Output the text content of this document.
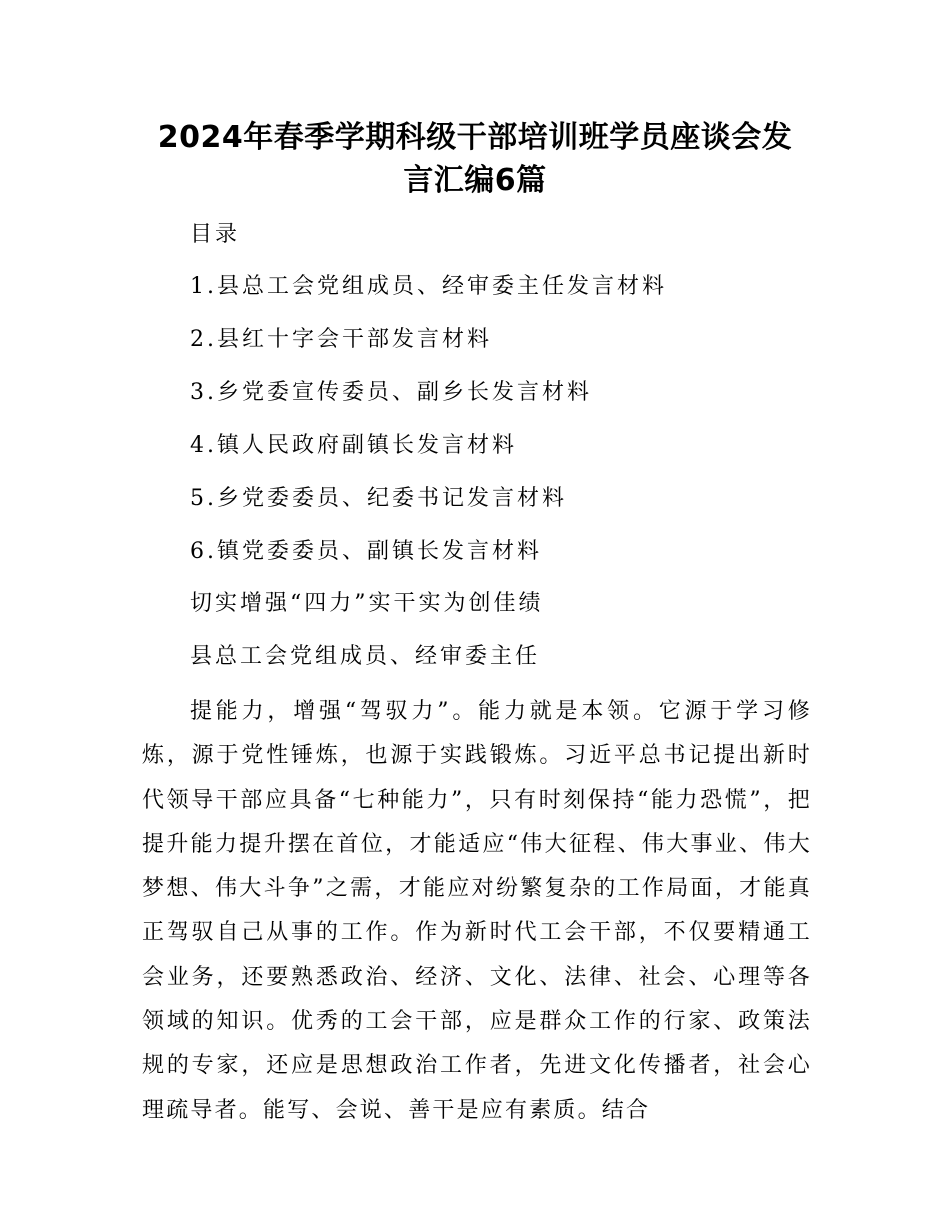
2024年春季学期科级干部培训班学员座谈会发
言汇编6篇
目录
1.县总工会党组成员、经审委主任发言材料
2.县红十字会干部发言材料
3.乡党委宣传委员、副乡长发言材料
4.镇人民政府副镇长发言材料
5.乡党委委员、纪委书记发言材料
6.镇党委委员、副镇长发言材料
切实增强“四力”实干实为创佳绩
县总工会党组成员、经审委主任

提能力，增强“驾驭力”。能力就是本领。它源于学习修炼，源于党性锤炼，也源于实践锻炼。习近平总书记提出新时代领导干部应具备“七种能力”，只有时刻保持“能力恐慌”，把提升能力提升摆在首位，才能适应“伟大征程、伟大事业、伟大梦想、伟大斗争”之需，才能应对纷繁复杂的工作局面，才能真正驾驭自己从事的工作。作为新时代工会干部，不仅要精通工会业务，还要熟悉政治、经济、文化、法律、社会、心理等各领域的知识。优秀的工会干部，应是群众工作的行家、政策法规的专家，还应是思想政治工作者，先进文化传播者，社会心理疏导者。能写、会说、善干是应有素质。结合
